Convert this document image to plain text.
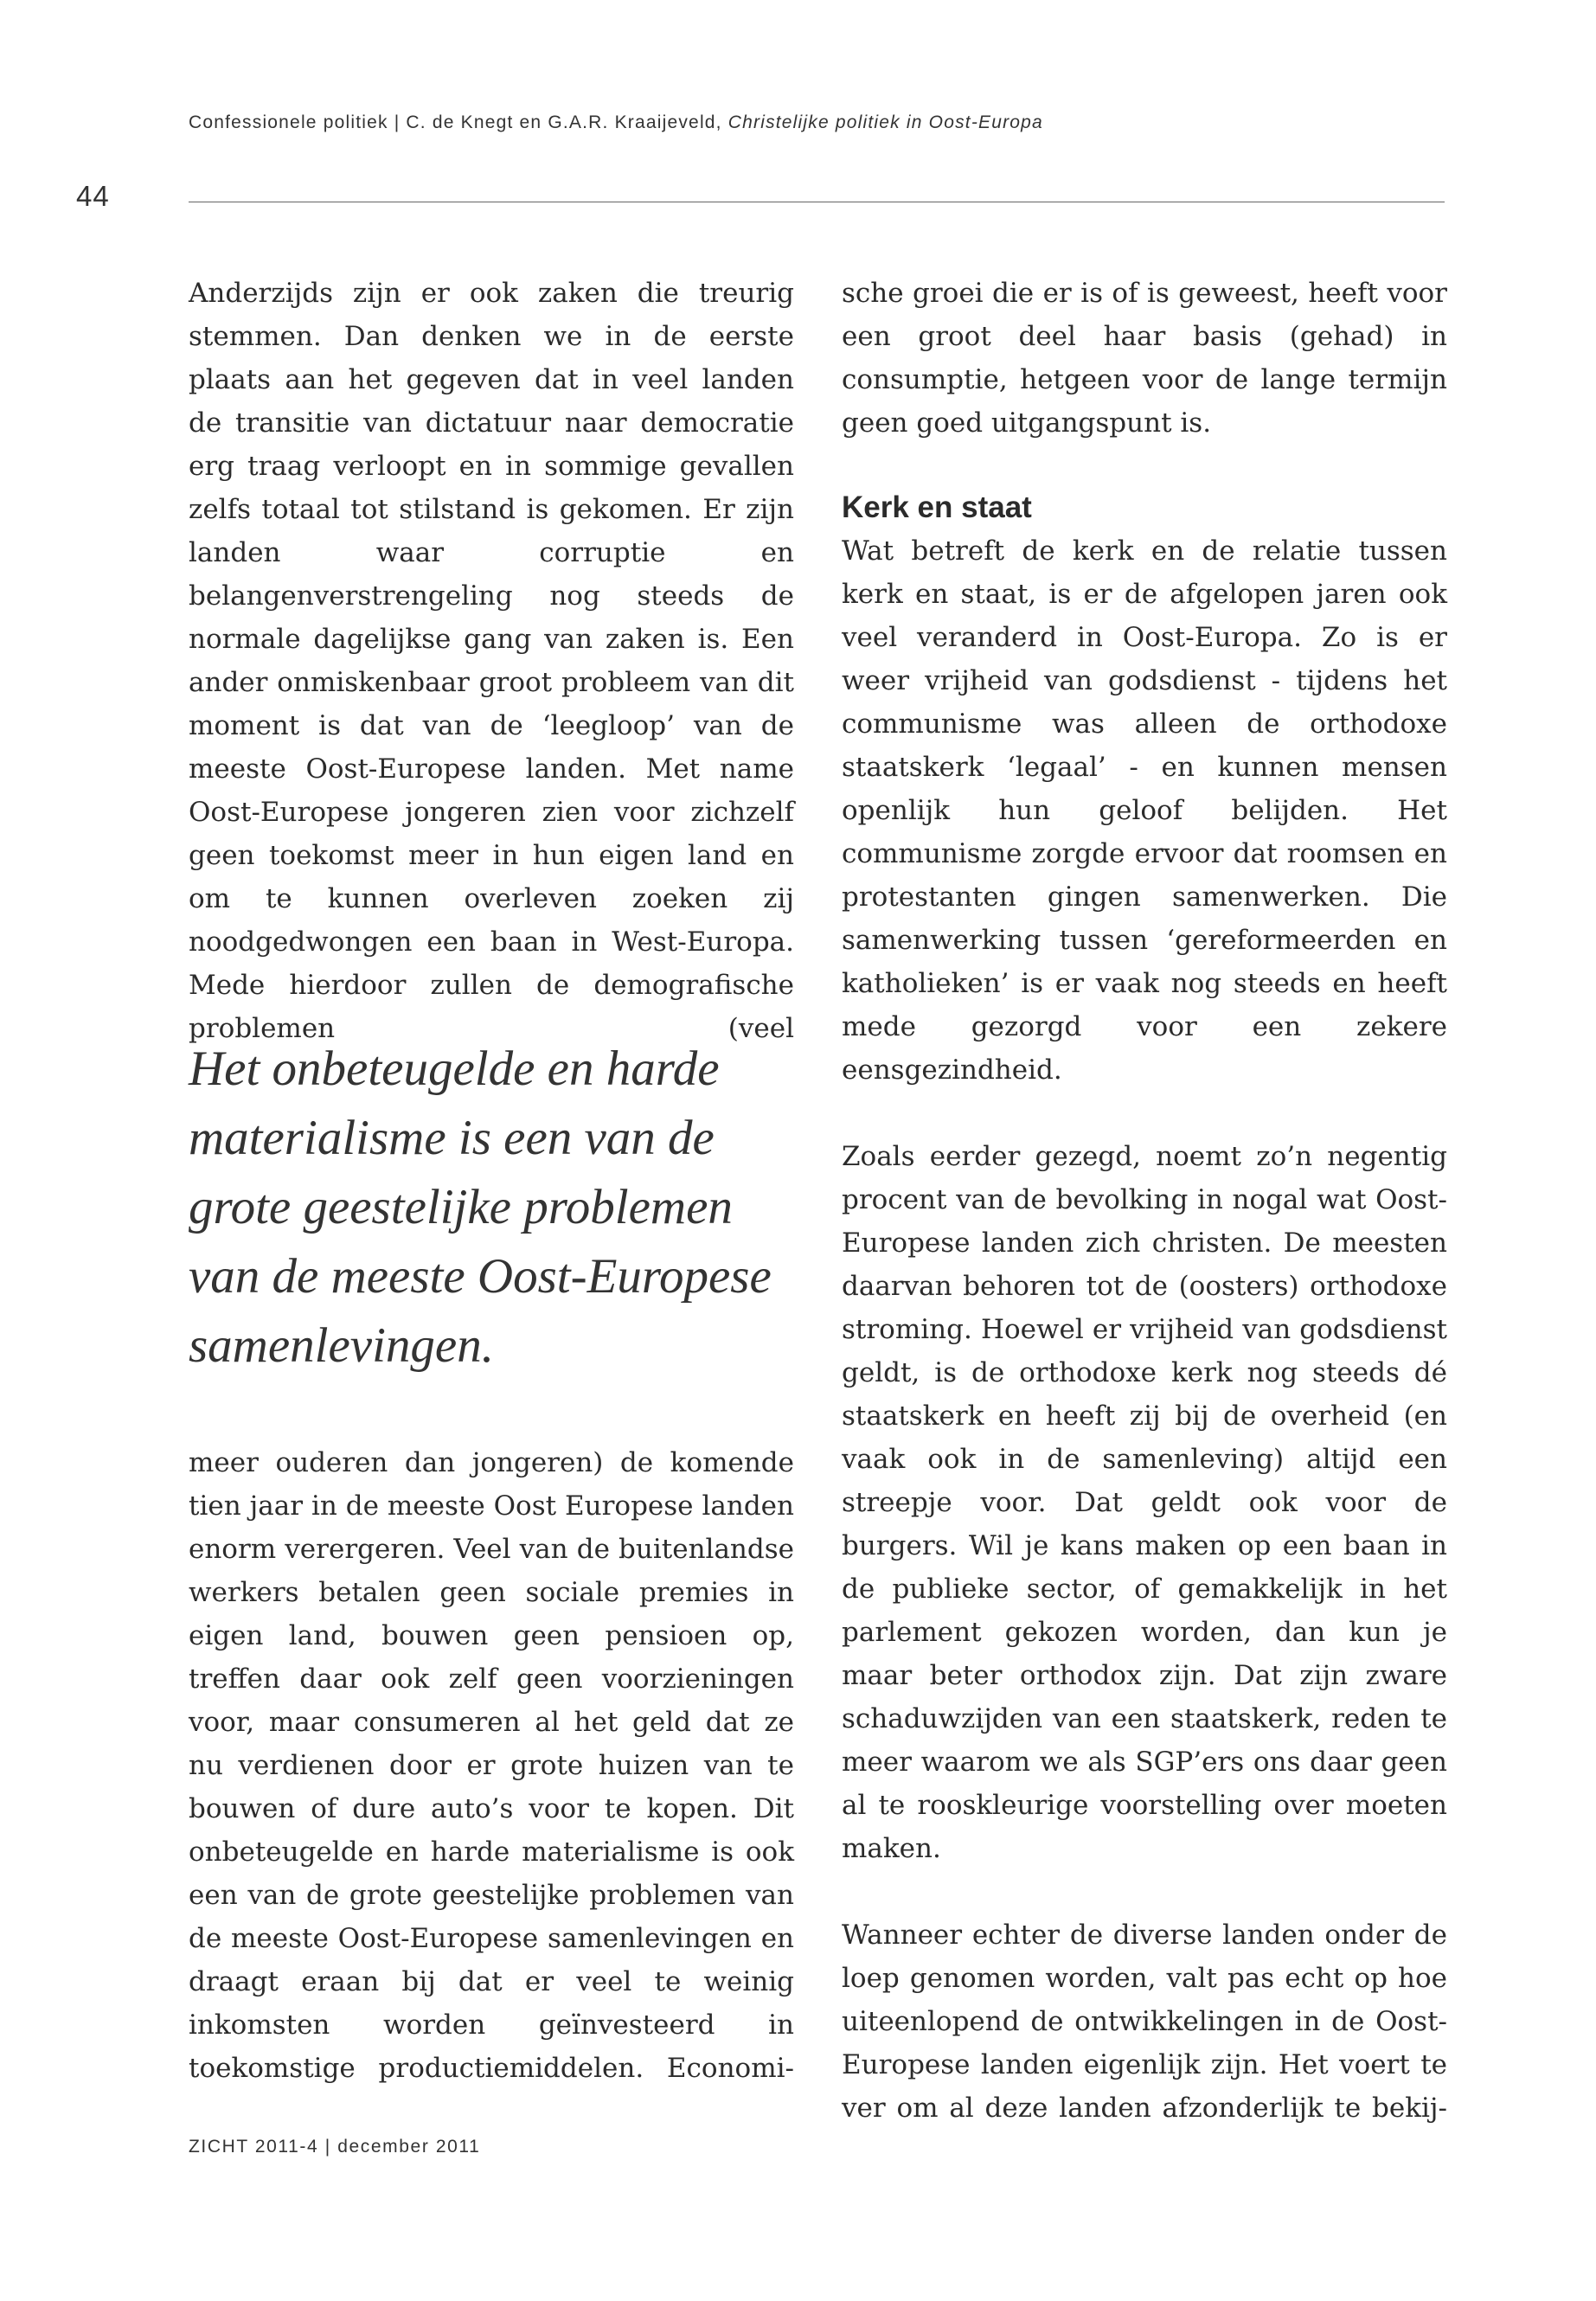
Confessionele politiek | C. de Knegt en G.A.R. Kraaijeveld, Christelijke politiek in Oost-Europa
44

Anderzijds zijn er ook zaken die treurig stemmen. Dan denken we in de eerste plaats aan het gegeven dat in veel landen de transitie van dictatuur naar democratie erg traag verloopt en in sommige gevallen zelfs totaal tot stilstand is gekomen. Er zijn landen waar corruptie en belangenverstrengeling nog steeds de normale dagelijkse gang van zaken is. Een ander onmiskenbaar groot probleem van dit moment is dat van de ‘leegloop’ van de meeste Oost-Europese landen. Met name Oost-Europese jongeren zien voor zichzelf geen toekomst meer in hun eigen land en om te kunnen overleven zoeken zij noodgedwongen een baan in West-Europa. Mede hierdoor zullen de demografische problemen (veel

Het onbeteugelde en harde materialisme is een van de grote geestelijke problemen van de meeste Oost-Europese samenlevingen.

meer ouderen dan jongeren) de komende tien jaar in de meeste Oost Europese landen enorm verergeren. Veel van de buitenlandse werkers betalen geen sociale premies in eigen land, bouwen geen pensioen op, treffen daar ook zelf geen voorzieningen voor, maar consumeren al het geld dat ze nu verdienen door er grote huizen van te bouwen of dure auto’s voor te kopen. Dit onbeteugelde en harde materialisme is ook een van de grote geestelijke problemen van de meeste Oost-Europese samenlevingen en draagt eraan bij dat er veel te weinig inkomsten worden geïnvesteerd in toekomstige productiemiddelen. Economi-

sche groei die er is of is geweest, heeft voor een groot deel haar basis (gehad) in consumptie, hetgeen voor de lange termijn geen goed uitgangspunt is.

Kerk en staat

Wat betreft de kerk en de relatie tussen kerk en staat, is er de afgelopen jaren ook veel veranderd in Oost-Europa. Zo is er weer vrijheid van godsdienst - tijdens het communisme was alleen de orthodoxe staatskerk ‘legaal’ - en kunnen mensen openlijk hun geloof belijden. Het communisme zorgde ervoor dat roomsen en protestanten gingen samenwerken. Die samenwerking tussen ‘gereformeerden en katholieken’ is er vaak nog steeds en heeft mede gezorgd voor een zekere eensgezindheid.

Zoals eerder gezegd, noemt zo’n negentig procent van de bevolking in nogal wat Oost-Europese landen zich christen. De meesten daarvan behoren tot de (oosters) orthodoxe stroming. Hoewel er vrijheid van godsdienst geldt, is de orthodoxe kerk nog steeds dé staatskerk en heeft zij bij de overheid (en vaak ook in de samenleving) altijd een streepje voor. Dat geldt ook voor de burgers. Wil je kans maken op een baan in de publieke sector, of gemakkelijk in het parlement gekozen worden, dan kun je maar beter orthodox zijn. Dat zijn zware schaduwzijden van een staatskerk, reden te meer waarom we als SGP’ers ons daar geen al te rooskleurige voorstelling over moeten maken.

Wanneer echter de diverse landen onder de loep genomen worden, valt pas echt op hoe uiteenlopend de ontwikkelingen in de Oost-Europese landen eigenlijk zijn. Het voert te ver om al deze landen afzonderlijk te bekij-

ZICHT 2011-4 | december 2011
